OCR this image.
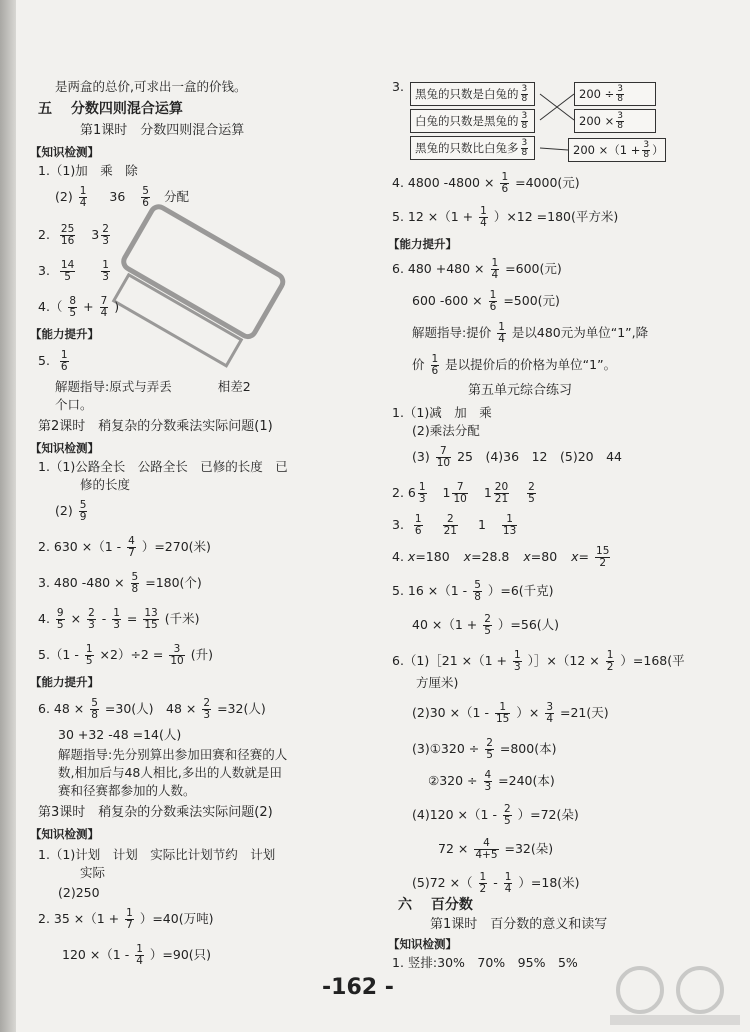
是两盒的总价,可求出一盒的价钱。
五 分数四则混合运算
第1课时　分数四则混合运算
【知识检测】
1.（1)加　乘　除
$(2) \frac{1}{4} 36 \frac{5}{6}$ 分配
2. $\frac{25}{16} 3 \frac{2}{3}$
3. $\frac{14}{5}$
$\frac{1}{3}$
$4.( \frac{8}{5} + \frac{7}{4}$ )
【能力提升】
5. $\frac{1}{6}$
解题指导:原式与弄丢	相差2
个口。
第2课时　稍复杂的分数乘法实际问题(1)
【知识检测】
1.（1)公路全长　公路全长　已修的长度　已
修的长度
$(2) \frac{5}{9}$
2. $630 \times(1 - \frac{4}{7} )=270$(米)
3. 480 $-480 \times \frac{5}{8} =180$(个)
4. $\frac{9}{5} \times \frac{2}{3} - \frac{1}{3} = \frac{13}{15}$ (千米)
$5.(1 - \frac{1}{5} \times 2)\div 2 = \frac{3}{10}$ (升)
【能力提升】
6. $48 \times \frac{5}{8} =30$(人)　$48 \times \frac{2}{3} =32$(人)
30 +32 -48 =14(人)
解题指导:先分别算出参加田赛和径赛的人
数,相加后与48人相比,多出的人数就是田
赛和径赛都参加的人数。
第3课时　稍复杂的分数乘法实际问题(2)
【知识检测】
1.（1)计划　计划　实际比计划节约　计划
实际
(2)250
2. $35 \times(1 + \frac{1}{7} )=40$(万吨)
$120 \times(1 - \frac{1}{4} )=90$(只)
3. 黑兔的只数是白兔的 $\frac{3}{8}$
白兔的只数是黑兔的 $\frac{3}{8}$
黑兔的只数比白兔多 $\frac{3}{8}$
$200 \div \frac{3}{8}$
$200 \times \frac{3}{8}$
$200 \times(1 + \frac{3}{8}$ ）
4. 4800 $-4800 \times \frac{1}{6} =4000$(元)
5. $12 \times(1 + \frac{1}{4} )\times 12 =180$(平方米)
【能力提升】
6. $480 +480 \times \frac{1}{4} =600$(元)
600 $-600 \times \frac{1}{6} =500$(元)
解题指导:提价 $\frac{1}{4}$ 是以480元为单位“1”,降
价 $\frac{1}{6}$ 是以提价后的价格为单位“1”。
第五单元综合练习
1.（1)减　加　乘
(2)乘法分配
$(3) \frac{7}{10} 25$　(4)36　12　(5)20　44
2. $6 \frac{1}{3} 1 \frac{7}{10} 1 \frac{20}{21}$
$\frac{2}{5}$
3. $\frac{1}{6}$
$\frac{2}{21} 1 \frac{1}{13}$
4. x=180 x=28.8 x=80 $x= \frac{15}{2}$
5. $16 \times(1 - \frac{5}{8} )=6$(千克)
$40 \times(1 + \frac{2}{5} )=56$(人)
6.（1)［21 $\times(1 + \frac{1}{3}$ ）］×（12 × $\frac{1}{2} )=168$(平
方厘米)
$(2)30 \times(1 - \frac{1}{15}$ ）× $\frac{3}{4} =21$(天)
(3)①320 ÷ $\frac{2}{5} =800$(本)
②320 ÷ $\frac{4}{3} =240$(本)
$(4)120 \times(1 - \frac{2}{5} )=72$(朵)
$72 \times \frac{4}{4+5} =32$(朵)
(5)72 ×（ $\frac{1}{2} - \frac{1}{4} )=18$(米)
六 百分数
第1课时　百分数的意义和读写
【知识检测】
1. 竖排:30%　70%　95%　5%
-162 -
